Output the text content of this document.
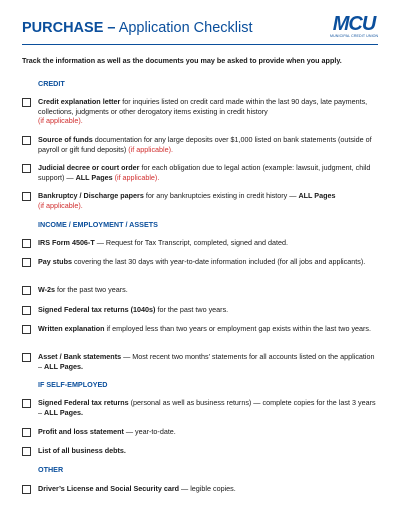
PURCHASE – Application Checklist	MCU
MUNICIPAL CREDIT UNION
Track the information as well as the documents you may be asked to provide when you apply.
CREDIT
Credit explanation letter for inquiries listed on credit card made within the last 90 days, late payments, collections, judgments or other derogatory items existing in credit history
(if applicable).
Source of funds documentation for any large deposits over $1,000 listed on bank statements (outside of payroll or gift fund deposits) (if applicable).
Judicial decree or court order for each obligation due to legal action (example: lawsuit, judgment, child support) — ALL Pages (if applicable).
Bankruptcy / Discharge papers for any bankruptcies existing in credit history — ALL Pages
(if applicable).
INCOME / EMPLOYMENT / ASSETS
IRS Form 4506-T — Request for Tax Transcript, completed, signed and dated.
Pay stubs covering the last 30 days with year-to-date information included (for all jobs and applicants).
W-2s for the past two years.
Signed Federal tax returns (1040s) for the past two years.
Written explanation if employed less than two years or employment gap exists within the last two years.
Asset / Bank statements — Most recent two months’ statements for all accounts listed on the application – ALL Pages.
IF SELF-EMPLOYED
Signed Federal tax returns (personal as well as business returns) — complete copies for the last 3 years – ALL Pages.
Profit and loss statement — year-to-date.
List of all business debts.
OTHER
Driver’s License and Social Security card — legible copies.
